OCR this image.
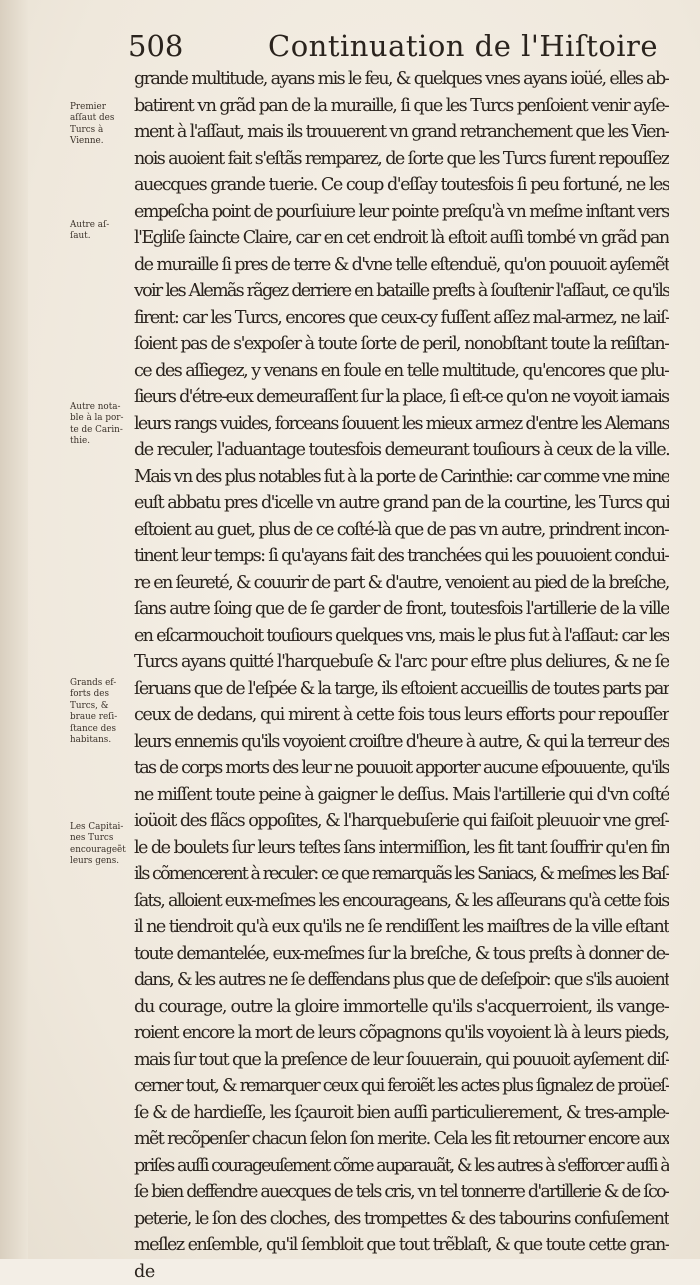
508	Continuation de l'Hiſtoire
Premier
aſſaut des
Turcs à
Vienne.
Autre aſ-
ſaut.
Autre nota-
ble à la por-
te de Carin-
thie.
Grands ef-
forts des
Turcs, &
braue reſi-
ſtance des
habitans.
Les Capitai-
nes Turcs
encourageẽt
leurs gens.
grande multitude, ayans mis le feu, & quelques vnes ayans ioüé, elles ab-
batirent vn grãd pan de la muraille, ſi que les Turcs penſoient venir ayſe-
ment à l'aſſaut, mais ils trouuerent vn grand retranchement que les Vien-
nois auoient fait s'eſtãs remparez, de ſorte que les Turcs furent repouſſez
auecques grande tuerie. Ce coup d'eſſay toutesfois ſi peu fortuné, ne les
empeſcha point de pourſuiure leur pointe preſqu'à vn meſme inſtant vers
l'Egliſe ſaincte Claire, car en cet endroit là eſtoit auſſi tombé vn grãd pan
de muraille ſi pres de terre & d'vne telle eſtenduë, qu'on pouuoit ayſemẽt
voir les Alemãs rãgez derriere en bataille preſts à ſouſtenir l'aſſaut, ce qu'ils
firent: car les Turcs, encores que ceux-cy fuſſent aſſez mal-armez, ne laiſ-
ſoient pas de s'expoſer à toute ſorte de peril, nonobſtant toute la reſiſtan-
ce des aſſiegez, y venans en foule en telle multitude, qu'encores que plu-
ſieurs d'étre-eux demeuraſſent ſur la place, ſi eſt-ce qu'on ne voyoit iamais
leurs rangs vuides, forceans ſouuent les mieux armez d'entre les Alemans
de reculer, l'aduantage toutesfois demeurant touſiours à ceux de la ville.
Mais vn des plus notables fut à la porte de Carinthie: car comme vne mine
euſt abbatu pres d'icelle vn autre grand pan de la courtine, les Turcs qui
eſtoient au guet, plus de ce coſté-là que de pas vn autre, prindrent incon-
tinent leur temps: ſi qu'ayans fait des tranchées qui les pouuoient condui-
re en ſeureté, & couurir de part & d'autre, venoient au pied de la breſche,
ſans autre ſoing que de ſe garder de front, toutesfois l'artillerie de la ville
en eſcarmouchoit touſiours quelques vns, mais le plus fut à l'aſſaut: car les
Turcs ayans quitté l'harquebuſe & l'arc pour eſtre plus deliures, & ne ſe
ſeruans que de l'eſpée & la targe, ils eſtoient accueillis de toutes parts par
ceux de dedans, qui mirent à cette fois tous leurs efforts pour repouſſer
leurs ennemis qu'ils voyoient croiſtre d'heure à autre, & qui la terreur des
tas de corps morts des leur ne pouuoit apporter aucune eſpouuente, qu'ils
ne miſſent toute peine à gaigner le deſſus. Mais l'artillerie qui d'vn coſté
ioüoit des flãcs oppoſites, & l'harquebuſerie qui faiſoit pleuuoir vne greſ-
le de boulets ſur leurs teſtes ſans intermiſſion, les fit tant ſouffrir qu'en fin
ils cõmencerent à reculer: ce que remarquãs les Saniacs, & meſmes les Baſ-
ſats, alloient eux-meſmes les encourageans, & les aſſeurans qu'à cette fois
il ne tiendroit qu'à eux qu'ils ne ſe rendiſſent les maiſtres de la ville eſtant
toute demantelée, eux-meſmes ſur la breſche, & tous preſts à donner de-
dans, & les autres ne ſe deffendans plus que de deſeſpoir: que s'ils auoient
du courage, outre la gloire immortelle qu'ils s'acquerroient, ils vange-
roient encore la mort de leurs cõpagnons qu'ils voyoient là à leurs pieds,
mais ſur tout que la preſence de leur ſouuerain, qui pouuoit ayſement diſ-
cerner tout, & remarquer ceux qui feroiẽt les actes plus ſignalez de proüeſ-
ſe & de hardieſſe, les ſçauroit bien auſſi particulierement, & tres-ample-
mẽt recõpenſer chacun ſelon ſon merite. Cela les fit retourner encore aux
priſes auſſi courageuſement cõme auparauãt, & les autres à s'efforcer auſſi à
ſe bien deffendre auecques de tels cris, vn tel tonnerre d'artillerie & de ſco-
peterie, le ſon des cloches, des trompettes & des tabourins confuſement
meſlez enſemble, qu'il ſembloit que tout trẽblaſt, & que toute cette gran-
de
